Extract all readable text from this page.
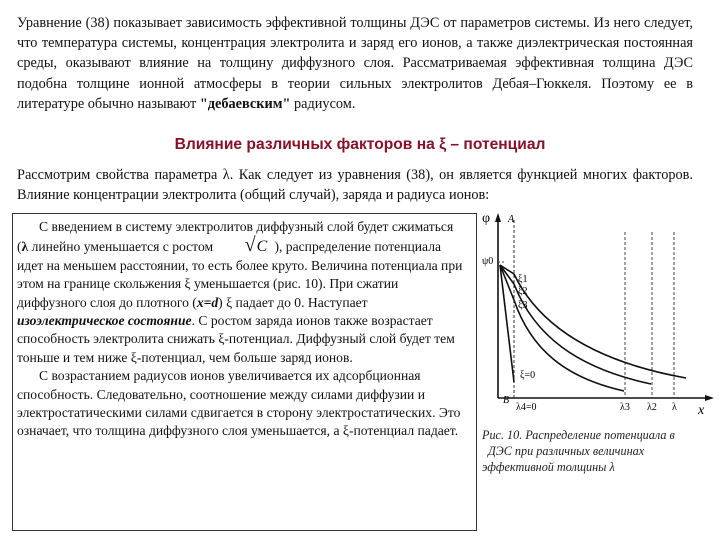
Уравнение (38) показывает зависимость эффективной толщины ДЭС от параметров системы. Из него следует, что температура системы, концентрация электролита и заряд его ионов, а также диэлектрическая постоянная среды, оказывают влияние на толщину диффузного слоя. Рассматриваемая эффективная толщина ДЭС подобна толщине ионной атмосферы в теории сильных электролитов Дебая–Гюккеля. Поэтому ее в литературе обычно называют "дебаевским" радиусом.
Влияние различных факторов на ξ – потенциал
Рассмотрим свойства параметра λ. Как следует из уравнения (38), он является функцией многих факторов. Влияние концентрации электролита (общий случай), заряда и радиуса ионов:

С введением в систему электролитов диффузный слой будет сжиматься (λ линейно уменьшается с ростом √C ), распределение потенциала идет на меньшем расстоянии, то есть более круто. Величина потенциала при этом на границе скольжения ξ уменьшается (рис. 10). При сжатии диффузного слоя до плотного (x=d) ξ падает до 0. Наступает изоэлектрическое состояние. С ростом заряда ионов также возрастает способность электролита снижать ξ-потенциал. Диффузный слой будет тем тоньше и тем ниже ξ-потенциал, чем больше заряд ионов.

С возрастанием радиусов ионов увеличивается их адсорбционная способность. Следовательно, соотношение между силами диффузии и электростатическими силами сдвигается в сторону электростатических. Это означает, что толщина диффузного слоя уменьшается, а ξ-потенциал падает.

φ
x
ψ0
A
B
ξ1
ξ2
ξ3
ξ=0
λ4=0	λ3 λ2 λ
Рис. 10. Распределение потенциала в
ДЭС при различных величинах
эффективной толщины λ
